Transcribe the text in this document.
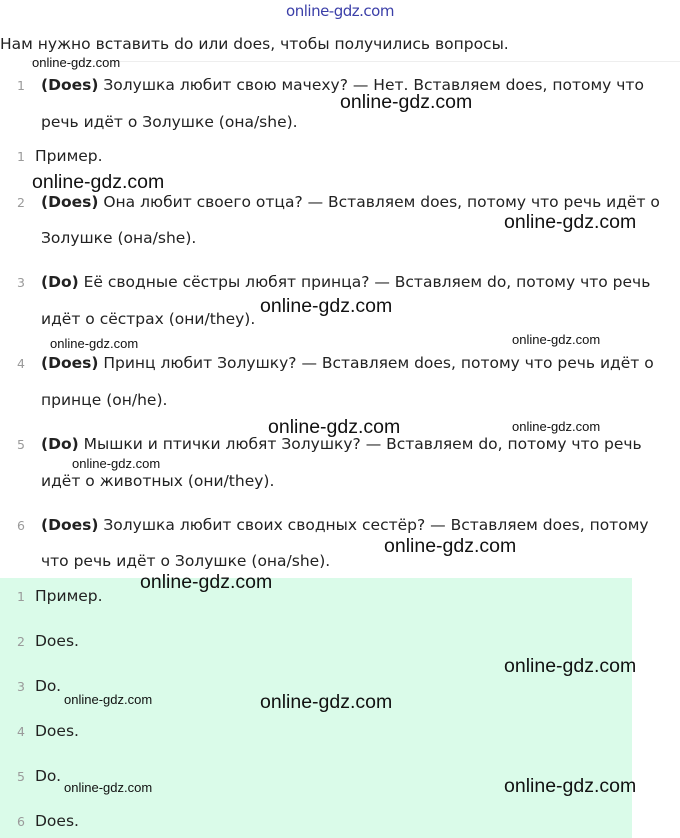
online-gdz.com
Нам нужно вставить do или does, чтобы получились вопросы.
1 (Does) Золушка любит свою мачеху? — Нет. Вставляем does, потому что
речь идёт о Золушке (она/she).
1 Пример.
2 (Does) Она любит своего отца? — Вставляем does, потому что речь идёт о
Золушке (она/she).
3 (Do) Её сводные сёстры любят принца? — Вставляем do, потому что речь
идёт о сёстрах (они/they).
4 (Does) Принц любит Золушку? — Вставляем does, потому что речь идёт о
принце (он/he).
5 (Do) Мышки и птички любят Золушку? — Вставляем do, потому что речь
идёт о животных (они/they).
6 (Does) Золушка любит своих сводных сестёр? — Вставляем does, потому
что речь идёт о Золушке (она/she).
1 Пример.
2 Does.
3 Do.
4 Does.
5 Do.
6 Does.
online-gdz.com
online-gdz.com
online-gdz.com
online-gdz.com
online-gdz.com
online-gdz.com	online-gdz.com
online-gdz.com	online-gdz.com
online-gdz.com
online-gdz.com
online-gdz.com
online-gdz.com
online-gdz.com	online-gdz.com
online-gdz.com	online-gdz.com
